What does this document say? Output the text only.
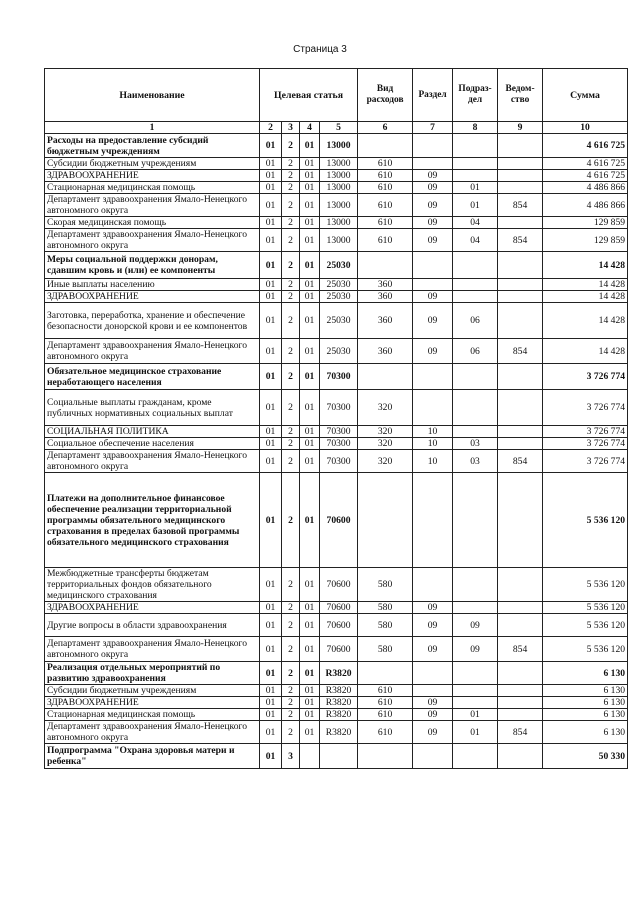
Страница 3
Наименование	Целевая статья				Вид расходов	Раздел	Подраз-дел	Ведом-ство	Сумма
1	2	3	4	5	6	7	8	9	10
Расходы на предоставление субсидий бюджетным учреждениям	01	2	01	13000					4 616 725
Субсидии бюджетным учреждениям	01	2	01	13000	610				4 616 725
ЗДРАВООХРАНЕНИЕ	01	2	01	13000	610	09			4 616 725
Стационарная медицинская помощь	01	2	01	13000	610	09	01		4 486 866
Департамент здравоохранения Ямало-Ненецкого автономного округа	01	2	01	13000	610	09	01	854	4 486 866
Скорая медицинская помощь	01	2	01	13000	610	09	04		129 859
Департамент здравоохранения Ямало-Ненецкого автономного округа	01	2	01	13000	610	09	04	854	129 859
Меры социальной поддержки донорам, сдавшим кровь и (или) ее компоненты	01	2	01	25030					14 428
Иные выплаты населению	01	2	01	25030	360				14 428
ЗДРАВООХРАНЕНИЕ	01	2	01	25030	360	09			14 428
Заготовка, переработка, хранение и обеспечение безопасности донорской крови и ее компонентов	01	2	01	25030	360	09	06		14 428
Департамент здравоохранения Ямало-Ненецкого автономного округа	01	2	01	25030	360	09	06	854	14 428
Обязательное медицинское страхование неработающего населения	01	2	01	70300					3 726 774
Социальные выплаты гражданам, кроме публичных нормативных социальных выплат	01	2	01	70300	320				3 726 774
СОЦИАЛЬНАЯ ПОЛИТИКА	01	2	01	70300	320	10			3 726 774
Социальное обеспечение населения	01	2	01	70300	320	10	03		3 726 774
Департамент здравоохранения Ямало-Ненецкого автономного округа	01	2	01	70300	320	10	03	854	3 726 774
Платежи на дополнительное финансовое обеспечение реализации территориальной программы обязательного медицинского страхования в пределах базовой программы обязательного медицинского страхования	01	2	01	70600					5 536 120
Межбюджетные трансферты бюджетам территориальных фондов обязательного медицинского страхования	01	2	01	70600	580				5 536 120
ЗДРАВООХРАНЕНИЕ	01	2	01	70600	580	09			5 536 120
Другие вопросы в области здравоохранения	01	2	01	70600	580	09	09		5 536 120
Департамент здравоохранения Ямало-Ненецкого автономного округа	01	2	01	70600	580	09	09	854	5 536 120
Реализация отдельных мероприятий по развитию здравоохранения	01	2	01	R3820					6 130
Субсидии бюджетным учреждениям	01	2	01	R3820	610				6 130
ЗДРАВООХРАНЕНИЕ	01	2	01	R3820	610	09			6 130
Стационарная медицинская помощь	01	2	01	R3820	610	09	01		6 130
Департамент здравоохранения Ямало-Ненецкого автономного округа	01	2	01	R3820	610	09	01	854	6 130
Подпрограмма "Охрана здоровья матери и ребенка"	01	3							50 330
